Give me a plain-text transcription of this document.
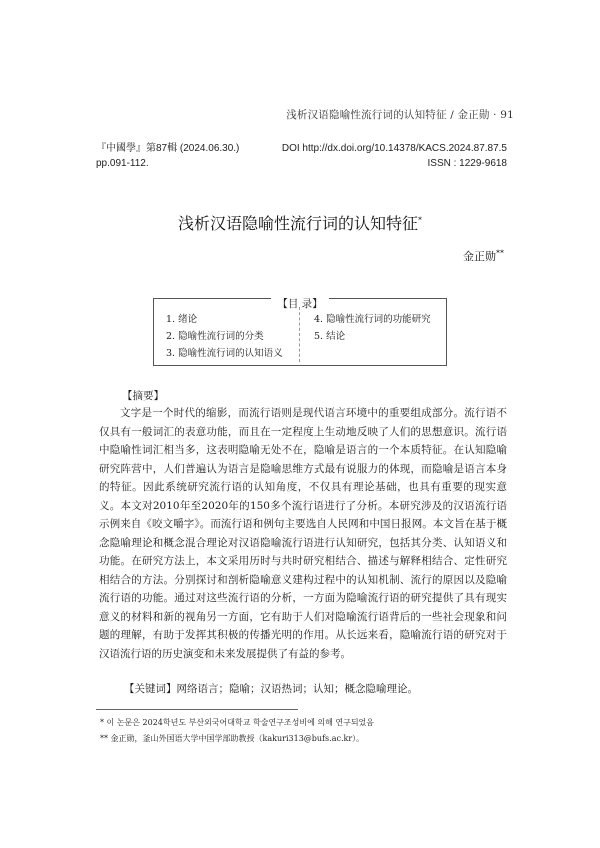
浅析汉语隐喻性流行词的认知特征 / 金正勋 · 91
『中國學』第87輯 (2024.06.30.)	DOI http://dx.doi.org/10.14378/KACS.2024.87.87.5
pp.091-112.	ISSN : 1229-9618
浅析汉语隐喻性流行词的认知特征*
金正勋**
【目 录】
1. 绪论
2. 隐喻性流行词的分类
3. 隐喻性流行词的认知语义
4. 隐喻性流行词的功能研究
5. 结论
【摘要】
文字是一个时代的缩影，而流行语则是现代语言环境中的重要组成部分。流行语不仅具有一般词汇的表意功能，而且在一定程度上生动地反映了人们的思想意识。流行语中隐喻性词汇相当多，这表明隐喻无处不在，隐喻是语言的一个本质特征。在认知隐喻研究阵营中，人们普遍认为语言是隐喻思维方式最有说服力的体现，而隐喻是语言本身的特征。因此系统研究流行语的认知角度，不仅具有理论基础，也具有重要的现实意义。本文对2010年至2020年的150多个流行语进行了分析。本研究涉及的汉语流行语示例来自《咬文嚼字》。而流行语和例句主要选自人民网和中国日报网。本文旨在基于概念隐喻理论和概念混合理论对汉语隐喻流行语进行认知研究，包括其分类、认知语义和功能。在研究方法上，本文采用历时与共时研究相结合、描述与解释相结合、定性研究相结合的方法。分别探讨和剖析隐喻意义建构过程中的认知机制、流行的原因以及隐喻流行语的功能。通过对这些流行语的分析，一方面为隐喻流行语的研究提供了具有现实意义的材料和新的视角另一方面，它有助于人们对隐喻流行语背后的一些社会现象和问题的理解，有助于发挥其积极的传播光明的作用。从长远来看，隐喻流行语的研究对于汉语流行语的历史演变和未来发展提供了有益的参考。
【关键词】网络语言；隐喻；汉语热词；认知；概念隐喻理论。
* 이 논문은 2024학년도 부산외국어대학교 학술연구조성비에 의해 연구되었음
** 金正勋，釜山外国语大学中国学部助教授（kakuri313@bufs.ac.kr）。
